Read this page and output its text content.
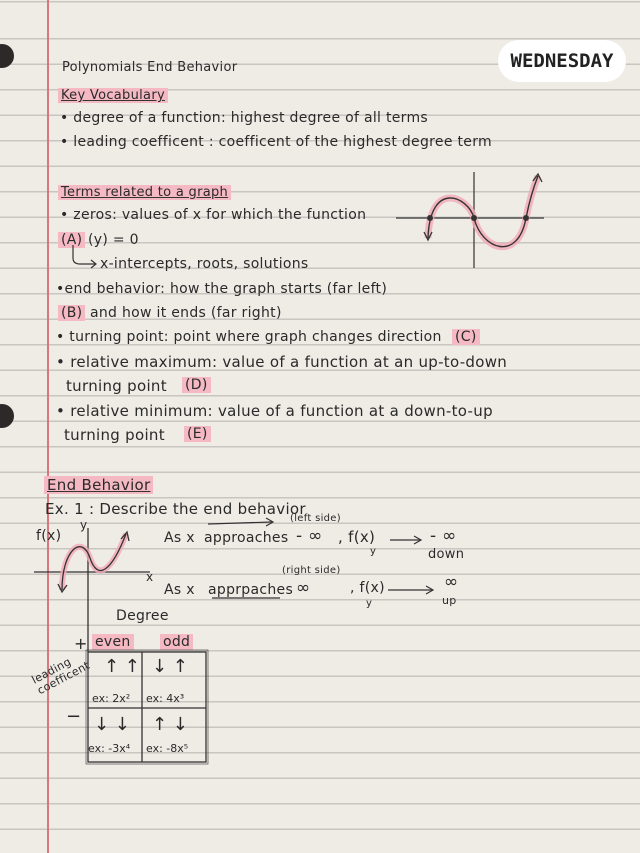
WEDNESDAY
Polynomials End Behavior
Key Vocabulary
• degree of a function: highest degree of all terms
• leading coefficent : coefficent of the highest degree term
Terms related to a graph
• zeros: values of x for which the function
(A) (y) = 0
x-intercepts, roots, solutions
•end behavior: how the graph starts (far left)
(B) and how it ends (far right)
• turning point: point where graph changes direction (C)
• relative maximum: value of a function at an up-to-down
turning point (D)
• relative minimum: value of a function at a down-to-up
turning point (E)
End Behavior
Ex. 1 : Describe the end behavior
f(x)
y
x
(left side)
As x approaches - ∞ , f(x)
y
- ∞
down
(right side)
As x apprpaches ∞	, f(x)
y
∞
up
Degree
+ even odd
leading coefficent
−
↑ ↑
ex: 2x²
↓ ↑
ex: 4x³
↓ ↓
ex: -3x⁴
↑ ↓
ex: -8x⁵
